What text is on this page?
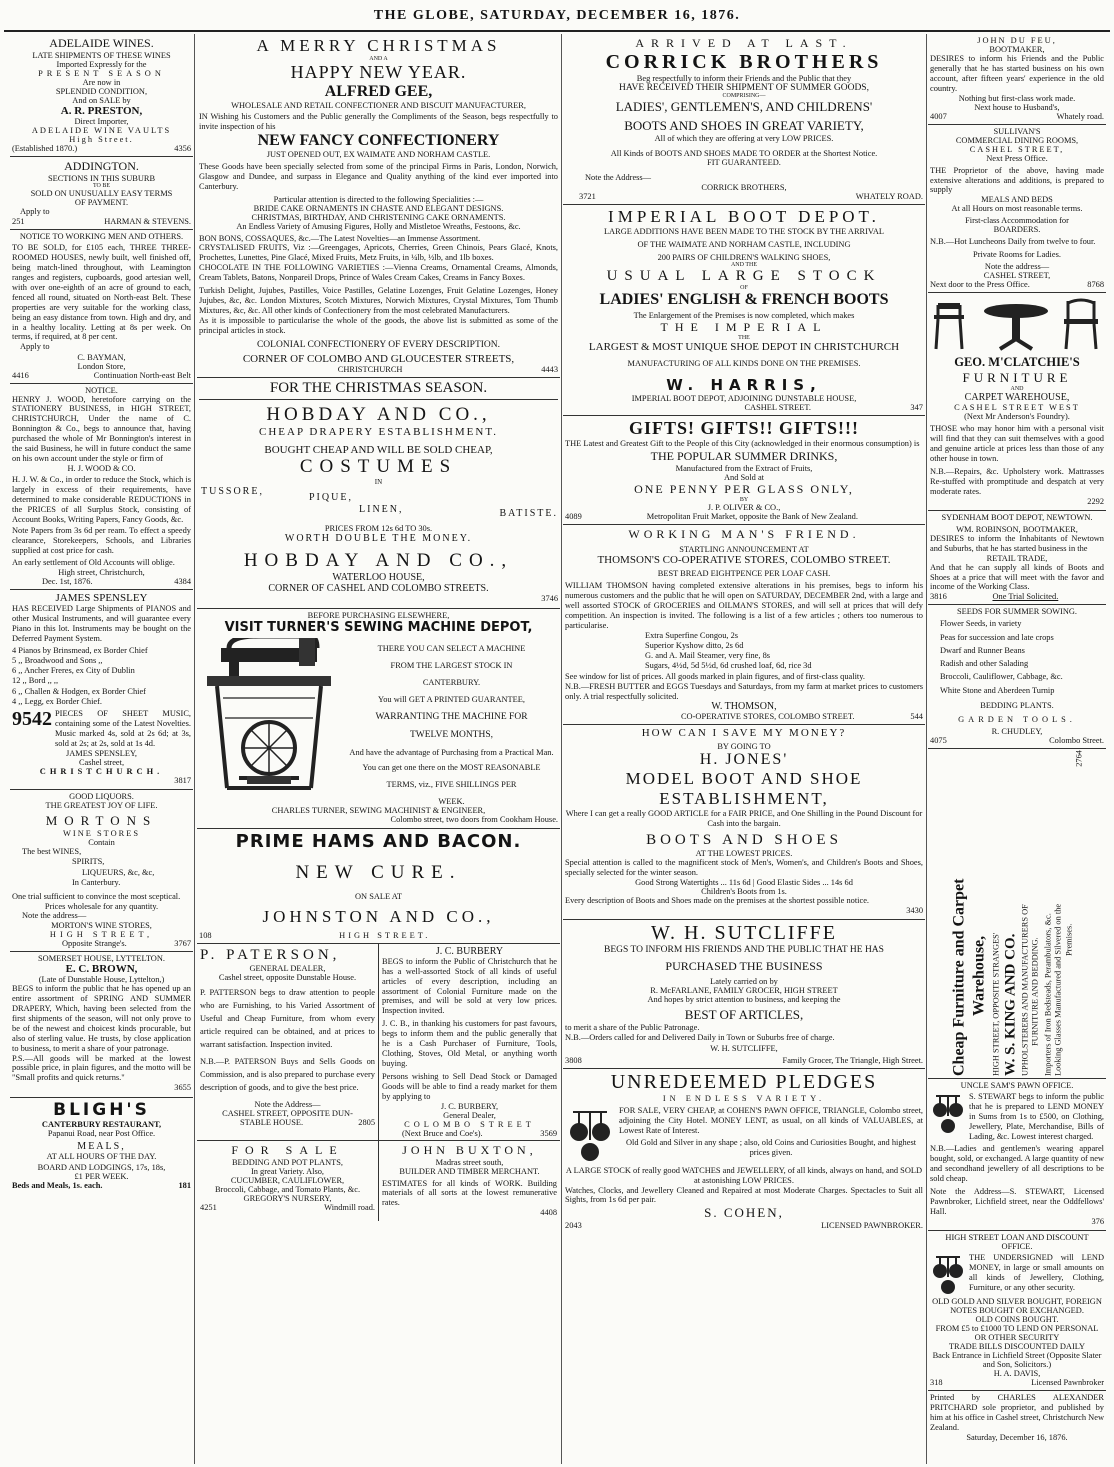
THE GLOBE, SATURDAY, DECEMBER 16, 1876.
ADELAIDE WINES.
LATE SHIPMENTS OF THESE WINES
Imported Expressly for the
PRESENT SEASON
Are now in
SPLENDID CONDITION,
And on SALE by
A. R. PRESTON,
Direct Importer,
ADELAIDE WINE VAULTS
High Street.
(Established 1870.)	4356
ADDINGTON.
SECTIONS IN THIS SUBURB
TO BE
SOLD ON UNUSUALLY EASY TERMS
OF PAYMENT.
Apply to
251	HARMAN & STEVENS.
NOTICE TO WORKING MEN AND OTHERS.
TO BE SOLD, for £105 each, THREE THREE-ROOMED HOUSES, newly built, well finished off, being match-lined throughout, with Leamington ranges and registers, cupboards, good artesian well, with over one-eighth of an acre of ground to each, fenced all round, situated on North-east Belt. These properties are very suitable for the working class, being an easy distance from town. High and dry, and in a healthy locality. Letting at 8s per week. On terms, if required, at 8 per cent.
Apply to
C. BAYMAN,
London Store,
4416	Continuation North-east Belt
NOTICE.
HENRY J. WOOD, heretofore carrying on the STATIONERY BUSINESS, in HIGH STREET, CHRISTCHURCH, Under the name of C. Bonnington & Co., begs to announce that, having purchased the whole of Mr Bonnington's interest in the said Business, he will in future conduct the same on his own account under the style or firm of
H. J. WOOD & CO.
H. J. W. & Co., in order to reduce the Stock, which is largely in excess of their requirements, have determined to make considerable REDUCTIONS in the PRICES of all Surplus Stock, consisting of Account Books, Writing Papers, Fancy Goods, &c.
Note Papers from 3s 6d per ream. To effect a speedy clearance, Storekeepers, Schools, and Libraries supplied at cost price for cash.
An early settlement of Old Accounts will oblige.
High street, Christchurch,
Dec. 1st, 1876.	4384
JAMES SPENSLEY
HAS RECEIVED Large Shipments of PIANOS and other Musical Instruments, and will guarantee every Piano in this lot. Instruments may be bought on the Deferred Payment System.
4 Pianos by Brinsmead, ex Border Chief
5 ,, Broadwood and Sons ,,
6 ,, Ancher Freres, ex City of Dublin
12 ,, Bord ,, ,,
6 ,, Challen & Hodgen, ex Border Chief
4 ,, Legg, ex Border Chief.
9542 PIECES OF SHEET MUSIC, containing some of the Latest Novelties. Music marked 4s, sold at 2s 6d; at 3s, sold at 2s; at 2s, sold at 1s 4d.
JAMES SPENSLEY,
Cashel street,
CHRISTCHURCH.
3817
GOOD LIQUORS.
THE GREATEST JOY OF LIFE.
MORTONS
WINE STORES
Contain
The best WINES,
SPIRITS,
LIQUEURS, &c, &c,
In Canterbury.
One trial sufficient to convince the most sceptical.
Prices wholesale for any quantity.
Note the address—
MORTON'S WINE STORES,
HIGH STREET,
Opposite Strange's.	3767
SOMERSET HOUSE, LYTTELTON.
E. C. BROWN,
(Late of Dunstable House, Lyttelton,)
BEGS to inform the public that he has opened up an entire assortment of SPRING AND SUMMER DRAPERY, Which, having been selected from the first shipments of the season, will not only prove to be of the newest and choicest kinds procurable, but also of sterling value. He trusts, by close application to business, to merit a share of your patronage.
P.S.—All goods will be marked at the lowest possible price, in plain figures, and the motto will be "Small profits and quick returns."
3655
BLIGH'S
CANTERBURY RESTAURANT,
Papanui Road, near Post Office.
MEALS,
AT ALL HOURS OF THE DAY.
BOARD AND LODGINGS, 17s, 18s,
£1 PER WEEK.
Beds and Meals, 1s. each.	181
A MERRY CHRISTMAS
AND A
HAPPY NEW YEAR.
ALFRED GEE,
WHOLESALE AND RETAIL CONFECTIONER AND BISCUIT MANUFACTURER,
IN Wishing his Customers and the Public generally the Compliments of the Season, begs respectfully to invite inspection of his
NEW FANCY CONFECTIONERY
JUST OPENED OUT, EX WAIMATE AND NORHAM CASTLE.
These Goods have been specially selected from some of the principal Firms in Paris, London, Norwich, Glasgow and Dundee, and surpass in Elegance and Quality anything of the kind ever imported into Canterbury.
Particular attention is directed to the following Specialities :—
BRIDE CAKE ORNAMENTS IN CHASTE AND ELEGANT DESIGNS.
CHRISTMAS, BIRTHDAY, AND CHRISTENING CAKE ORNAMENTS.
An Endless Variety of Amusing Figures, Holly and Mistletoe Wreaths, Festoons, &c.
BON BONS, COSSAQUES, &c.—The Latest Novelties—an Immense Assortment.
CRYSTALISED FRUITS, Viz :—Greengages, Apricots, Cherries, Green Chinois, Pears Glacé, Knots, Prochettes, Lunettes, Pine Glacé, Mixed Fruits, Metz Fruits, in ¼lb, ½lb, and 1lb boxes.
CHOCOLATE IN THE FOLLOWING VARIETIES :—Vienna Creams, Ornamental Creams, Almonds, Cream Tablets, Batons, Nonpareil Drops, Prince of Wales Cream Cakes, Creams in Fancy Boxes.
Turkish Delight, Jujubes, Pastilles, Voice Pastilles, Gelatine Lozenges, Fruit Gelatine Lozenges, Honey Jujubes, &c, &c. London Mixtures, Scotch Mixtures, Norwich Mixtures, Crystal Mixtures, Tom Thumb Mixtures, &c, &c. All other kinds of Confectionery from the most celebrated Manufacturers.
As it is impossible to particularise the whole of the goods, the above list is submitted as some of the principal articles in stock.
COLONIAL CONFECTIONERY OF EVERY DESCRIPTION.
CORNER OF COLOMBO AND GLOUCESTER STREETS,
CHRISTCHURCH	4443
FOR THE CHRISTMAS SEASON.
HOBDAY AND CO.,
CHEAP DRAPERY ESTABLISHMENT.
BOUGHT CHEAP AND WILL BE SOLD CHEAP,
COSTUMES
IN
TUSSORE,
PIQUE,
LINEN,	BATISTE.
PRICES FROM 12s 6d TO 30s.
WORTH DOUBLE THE MONEY.
HOBDAY AND CO.,
WATERLOO HOUSE,
CORNER OF CASHEL AND COLOMBO STREETS.
3746
BEFORE PURCHASING ELSEWHERE,
VISIT TURNER'S SEWING MACHINE DEPOT,
THERE YOU CAN SELECT A MACHINE
FROM THE LARGEST STOCK IN
CANTERBURY.
You will GET A PRINTED GUARANTEE,
WARRANTING THE MACHINE FOR
TWELVE MONTHS,
And have the advantage of Purchasing from a Practical Man.
You can get one there on the MOST REASONABLE
TERMS, viz., FIVE SHILLINGS PER
WEEK.
CHARLES TURNER, SEWING MACHINIST & ENGINEER,
Colombo street, two doors from Cookham House.
PRIME HAMS AND BACON.
NEW CURE.
ON SALE AT
JOHNSTON AND CO.,
108	HIGH STREET.
P. PATERSON,
GENERAL DEALER,
Cashel street, opposite Dunstable House.
P. PATTERSON begs to draw attention to people who are Furnishing, to his Varied Assortment of Useful and Cheap Furniture, from whom every article required can be obtained, and at prices to warrant satisfaction. Inspection invited.
N.B.—P. PATERSON Buys and Sells Goods on Commission, and is also prepared to purchase every description of goods, and to give the best price.
Note the Address—
CASHEL STREET, OPPOSITE DUN-
STABLE HOUSE.	2805
J. C. BURBERY
BEGS to inform the Public of Christchurch that he has a well-assorted Stock of all kinds of useful articles of every description, including an assortment of Colonial Furniture made on the premises, and will be sold at very low prices. Inspection invited.
J. C. B., in thanking his customers for past favours, begs to inform them and the public generally that he is a Cash Purchaser of Furniture, Tools, Clothing, Stoves, Old Metal, or anything worth buying.
Persons wishing to Sell Dead Stock or Damaged Goods will be able to find a ready market for them by applying to
J. C. BURBERY,
General Dealer,
COLOMBO STREET
(Next Bruce and Coe's).	3569
FOR SALE
BEDDING AND POT PLANTS,
In great Variety. Also,
CUCUMBER, CAULIFLOWER,
Broccoli, Cabbage, and Tomato Plants, &c.
GREGORY'S NURSERY,
4251	Windmill road.
JOHN BUXTON,
Madras street south,
BUILDER AND TIMBER MERCHANT.
ESTIMATES for all kinds of WORK. Building materials of all sorts at the lowest remunerative rates.
4408
ARRIVED AT LAST.
CORRICK BROTHERS
Beg respectfully to inform their Friends and the Public that they
HAVE RECEIVED THEIR SHIPMENT OF SUMMER GOODS,
COMPRISING—
LADIES', GENTLEMEN'S, AND CHILDRENS'
BOOTS AND SHOES IN GREAT VARIETY,
All of which they are offering at very LOW PRICES.
All Kinds of BOOTS AND SHOES MADE TO ORDER at the Shortest Notice.
FIT GUARANTEED.
Note the Address—
CORRICK BROTHERS,
3721	WHATELY ROAD.
IMPERIAL BOOT DEPOT.
LARGE ADDITIONS HAVE BEEN MADE TO THE STOCK BY THE ARRIVAL
OF THE WAIMATE AND NORHAM CASTLE, INCLUDING
200 PAIRS OF CHILDREN'S WALKING SHOES,
AND THE
USUAL LARGE STOCK
OF
LADIES' ENGLISH & FRENCH BOOTS
The Enlargement of the Premises is now completed, which makes
THE IMPERIAL
THE
LARGEST & MOST UNIQUE SHOE DEPOT IN CHRISTCHURCH
MANUFACTURING OF ALL KINDS DONE ON THE PREMISES.
W. HARRIS,
IMPERIAL BOOT DEPOT, ADJOINING DUNSTABLE HOUSE,
CASHEL STREET.	347
GIFTS! GIFTS!! GIFTS!!!
THE Latest and Greatest Gift to the People of this City (acknowledged in their enormous consumption) is
THE POPULAR SUMMER DRINKS,
Manufactured from the Extract of Fruits,
And Sold at
ONE PENNY PER GLASS ONLY,
BY
J. P. OLIVER & CO.,
4089	Metropolitan Fruit Market, opposite the Bank of New Zealand.
WORKING MAN'S FRIEND.
STARTLING ANNOUNCEMENT AT
THOMSON'S CO-OPERATIVE STORES, COLOMBO STREET.
BEST BREAD EIGHTPENCE PER LOAF CASH.
WILLIAM THOMSON having completed extensive alterations in his premises, begs to inform his numerous customers and the public that he will open on SATURDAY, DECEMBER 2nd, with a large and well assorted STOCK of GROCERIES and OILMAN'S STORES, and will sell at prices that will defy competition. An inspection is invited. The following is a list of a few articles ; others too numerous to particularise.
Extra Superfine Congou, 2s
Superior Kyshow ditto, 2s 6d
G. and A. Mail Steamer, very fine, 8s
Sugars, 4½d, 5d 5½d, 6d crushed loaf, 6d, rice 3d
See window for list of prices. All goods marked in plain figures, and of first-class quality.
N.B.—FRESH BUTTER and EGGS Tuesdays and Saturdays, from my farm at market prices to customers only. A trial respectfully solicited.
W. THOMSON,
CO-OPERATIVE STORES, COLOMBO STREET.	544
HOW CAN I SAVE MY MONEY?
BY GOING TO
H. JONES'
MODEL BOOT AND SHOE
ESTABLISHMENT,
Where I can get a really GOOD ARTICLE for a FAIR PRICE, and One Shilling in the Pound Discount for Cash into the bargain.
BOOTS AND SHOES
AT THE LOWEST PRICES.
Special attention is called to the magnificent stock of Men's, Women's, and Children's Boots and Shoes, specially selected for the winter season.
Good Strong Watertights ... 11s 6d | Good Elastic Sides ... 14s 6d
Children's Boots from 1s.
Every description of Boots and Shoes made on the premises at the shortest possible notice.
3430
W. H. SUTCLIFFE
BEGS TO INFORM HIS FRIENDS AND THE PUBLIC THAT HE HAS
PURCHASED THE BUSINESS
Lately carried on by
R. McFARLANE, FAMILY GROCER, HIGH STREET
And hopes by strict attention to business, and keeping the
BEST OF ARTICLES,
to merit a share of the Public Patronage.
N.B.—Orders called for and Delivered Daily in Town or Suburbs free of charge.
W. H. SUTCLIFFE,
3808	Family Grocer, The Triangle, High Street.
UNREDEEMED PLEDGES
IN ENDLESS VARIETY.
FOR SALE, VERY CHEAP, at COHEN'S PAWN OFFICE, TRIANGLE, Colombo street, adjoining the City Hotel. MONEY LENT, as usual, on all kinds of VALUABLES, at Lowest Rate of Interest.
Old Gold and Silver in any shape ; also, old Coins and Curiosities Bought, and highest prices given.
A LARGE STOCK of really good WATCHES and JEWELLERY, of all kinds, always on hand, and SOLD at astonishing LOW PRICES.
Watches, Clocks, and Jewellery Cleaned and Repaired at most Moderate Charges. Spectacles to Suit all Sights, from 1s 6d per pair.
S. COHEN,
2043	LICENSED PAWNBROKER.
JOHN DU FEU,
BOOTMAKER,
DESIRES to inform his Friends and the Public generally that he has started business on his own account, after fifteen years' experience in the old country.
Nothing but first-class work made.
Next house to Husband's,
4007	Whately road.
SULLIVAN'S
COMMERCIAL DINING ROOMS,
CASHEL STREET,
Next Press Office.
THE Proprietor of the above, having made extensive alterations and additions, is prepared to supply
MEALS AND BEDS
At all Hours on most reasonable terms.
First-class Accommodation for
BOARDERS.
N.B.—Hot Luncheons Daily from twelve to four.
Private Rooms for Ladies.
Note the address—
CASHEL STREET,
Next door to the Press Office.	8768
GEO. M'CLATCHIE'S
FURNITURE
AND
CARPET WAREHOUSE,
CASHEL STREET WEST
(Next Mr Anderson's Foundry).
THOSE who may honor him with a personal visit will find that they can suit themselves with a good and genuine article at prices less than those of any other house in town.
N.B.—Repairs, &c. Upholstery work. Mattrasses Re-stuffed with promptitude and despatch at very moderate rates.
2292
SYDENHAM BOOT DEPOT, NEWTOWN.
WM. ROBINSON, BOOTMAKER,
DESIRES to inform the Inhabitants of Newtown and Suburbs, that he has started business in the
RETAIL TRADE,
And that he can supply all kinds of Boots and Shoes at a price that will meet with the favor and income of the Working Class.
3816	One Trial Solicited.
SEEDS FOR SUMMER SOWING.
Flower Seeds, in variety
Peas for succession and late crops
Dwarf and Runner Beans
Radish and other Salading
Broccoli, Cauliflower, Cabbage, &c.
White Stone and Aberdeen Turnip
BEDDING PLANTS.
GARDEN TOOLS.
R. CHUDLEY,
4075	Colombo Street.
Cheap Furniture and Carpet Warehouse, HIGH STREET, OPPOSITE STRANGES' W. S. KING AND CO. UPHOLSTERERS AND MANUFACTURERS OF FURNITURE AND BEDDING. Importers of Iron Bedsteads, Perambulators, &c. Looking Glasses Manufactured and Silvered on the Premises.
2764
UNCLE SAM'S PAWN OFFICE.
S. STEWART begs to inform the public that he is prepared to LEND MONEY in Sums from 1s to £500, on Clothing, Jewellery, Plate, Merchandise, Bills of Lading, &c. Lowest interest charged.
N.B.—Ladies and gentlemen's wearing apparel bought, sold, or exchanged. A large quantity of new and secondhand jewellery of all descriptions to be sold cheap.
Note the Address—S. STEWART, Licensed Pawnbroker, Lichfield street, near the Oddfellows' Hall.
376
HIGH STREET LOAN AND DISCOUNT OFFICE.
THE UNDERSIGNED will LEND MONEY, in large or small amounts on all kinds of Jewellery, Clothing, Furniture, or any other security.
OLD GOLD AND SILVER BOUGHT, FOREIGN NOTES BOUGHT OR EXCHANGED.
OLD COINS BOUGHT.
FROM £5 to £1000 TO LEND ON PERSONAL OR OTHER SECURITY
TRADE BILLS DISCOUNTED DAILY
Back Entrance in Lichfield Street (Opposite Slater and Son, Solicitors.)
H. A. DAVIS,
318	Licensed Pawnbroker
Printed by CHARLES ALEXANDER PRITCHARD sole proprietor, and published by him at his office in Cashel street, Christchurch New Zealand.
Saturday, December 16, 1876.
